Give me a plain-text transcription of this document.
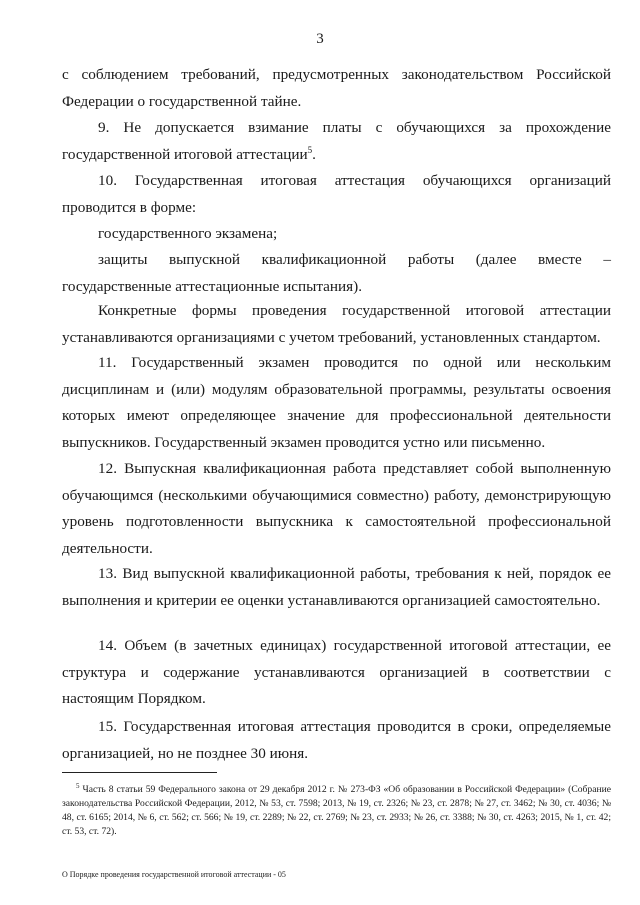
3

с соблюдением требований, предусмотренных законодательством Российской Федерации о государственной тайне.

9. Не допускается взимание платы с обучающихся за прохождение государственной итоговой аттестации$^5$.

10. Государственная итоговая аттестация обучающихся организаций проводится в форме:

государственного экзамена;

защиты выпускной квалификационной работы (далее вместе – государственные аттестационные испытания).

Конкретные формы проведения государственной итоговой аттестации устанавливаются организациями с учетом требований, установленных стандартом.

11. Государственный экзамен проводится по одной или нескольким дисциплинам и (или) модулям образовательной программы, результаты освоения которых имеют определяющее значение для профессиональной деятельности выпускников. Государственный экзамен проводится устно или письменно.

12. Выпускная квалификационная работа представляет собой выполненную обучающимся (несколькими обучающимися совместно) работу, демонстрирующую уровень подготовленности выпускника к самостоятельной профессиональной деятельности.

13. Вид выпускной квалификационной работы, требования к ней, порядок ее выполнения и критерии ее оценки устанавливаются организацией самостоятельно.

14. Объем (в зачетных единицах) государственной итоговой аттестации, ее структура и содержание устанавливаются организацией в соответствии с настоящим Порядком.

15. Государственная итоговая аттестация проводится в сроки, определяемые организацией, но не позднее 30 июня.

$^5$ Часть 8 статьи 59 Федерального закона от 29 декабря 2012 г. № 273-ФЗ «Об образовании в Российской Федерации» (Собрание законодательства Российской Федерации, 2012, № 53, ст. 7598; 2013, № 19, ст. 2326; № 23, ст. 2878; № 27, ст. 3462; № 30, ст. 4036; № 48, ст. 6165; 2014, № 6, ст. 562; ст. 566; № 19, ст. 2289; № 22, ст. 2769; № 23, ст. 2933; № 26, ст. 3388; № 30, ст. 4263; 2015, № 1, ст. 42; ст. 53, ст. 72).

О Порядке проведения государственной итоговой аттестации - 05
